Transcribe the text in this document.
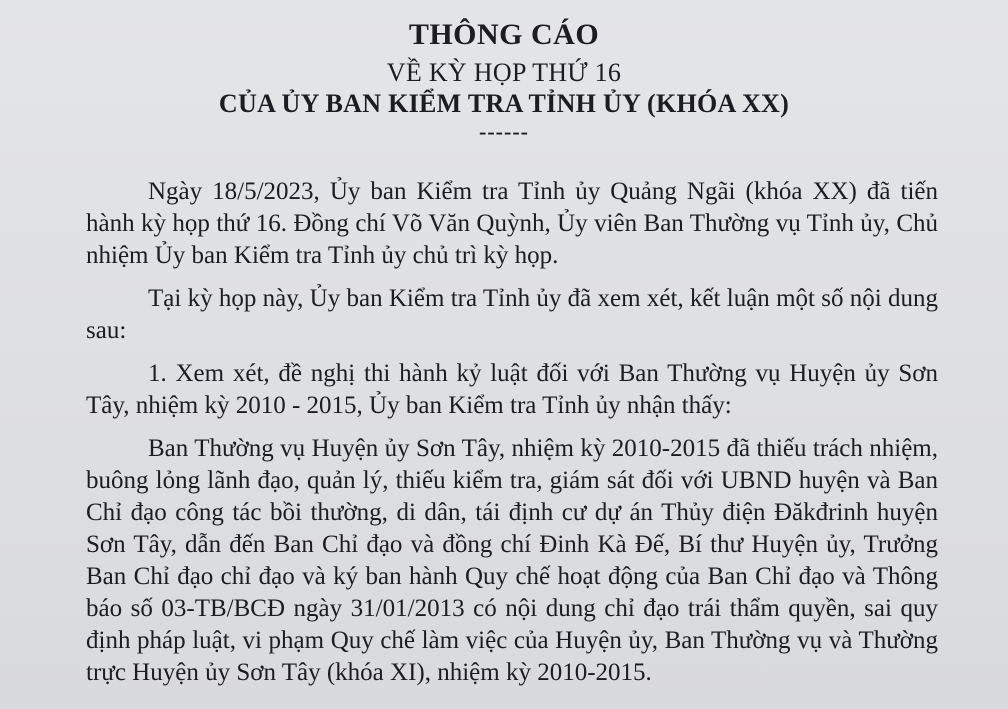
THÔNG CÁO
VỀ KỲ HỌP THỨ 16
CỦA ỦY BAN KIỂM TRA TỈNH ỦY (KHÓA XX)
------

Ngày 18/5/2023, Ủy ban Kiểm tra Tỉnh ủy Quảng Ngãi (khóa XX) đã tiến hành kỳ họp thứ 16. Đồng chí Võ Văn Quỳnh, Ủy viên Ban Thường vụ Tỉnh ủy, Chủ nhiệm Ủy ban Kiểm tra Tỉnh ủy chủ trì kỳ họp.

Tại kỳ họp này, Ủy ban Kiểm tra Tỉnh ủy đã xem xét, kết luận một số nội dung sau:

1. Xem xét, đề nghị thi hành kỷ luật đối với Ban Thường vụ Huyện ủy Sơn Tây, nhiệm kỳ 2010 - 2015, Ủy ban Kiểm tra Tỉnh ủy nhận thấy:

Ban Thường vụ Huyện ủy Sơn Tây, nhiệm kỳ 2010-2015 đã thiếu trách nhiệm, buông lỏng lãnh đạo, quản lý, thiếu kiểm tra, giám sát đối với UBND huyện và Ban Chỉ đạo công tác bồi thường, di dân, tái định cư dự án Thủy điện Đăkđrinh huyện Sơn Tây, dẫn đến Ban Chỉ đạo và đồng chí Đinh Kà Đế, Bí thư Huyện ủy, Trưởng Ban Chỉ đạo chỉ đạo và ký ban hành Quy chế hoạt động của Ban Chỉ đạo và Thông báo số 03-TB/BCĐ ngày 31/01/2013 có nội dung chỉ đạo trái thẩm quyền, sai quy định pháp luật, vi phạm Quy chế làm việc của Huyện ủy, Ban Thường vụ và Thường trực Huyện ủy Sơn Tây (khóa XI), nhiệm kỳ 2010-2015.
